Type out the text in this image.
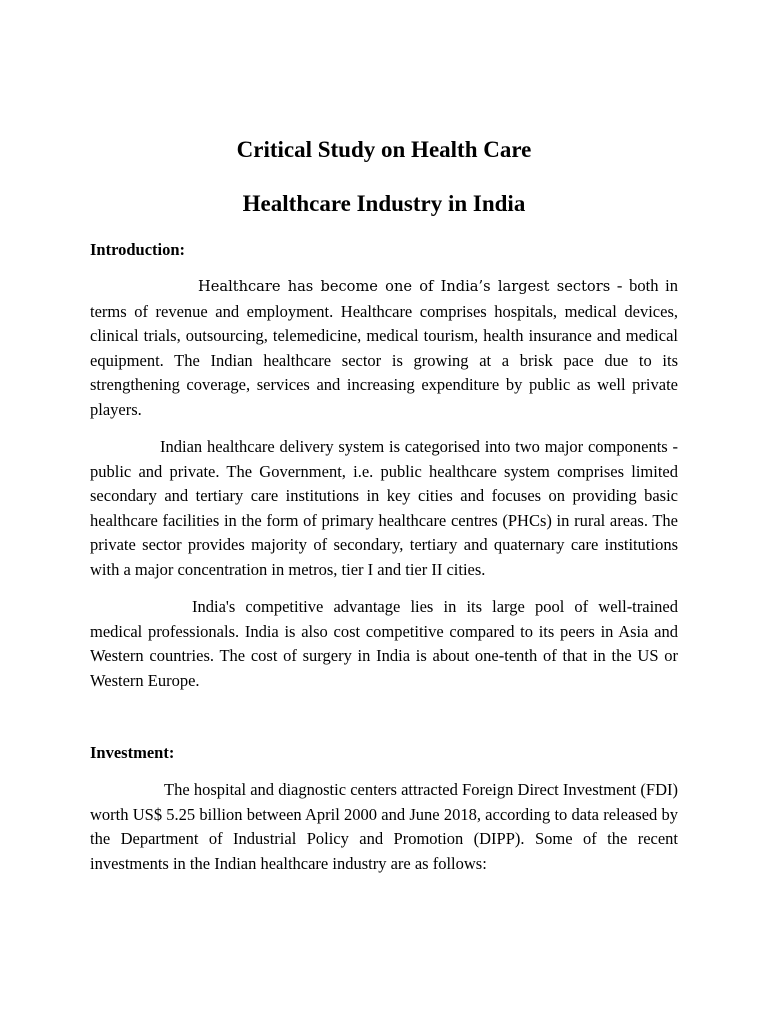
Critical Study on Health Care
Healthcare Industry in India
Introduction:

Healthcare has become one of India’s largest sectors - both in terms of revenue and employment. Healthcare comprises hospitals, medical devices, clinical trials, outsourcing, telemedicine, medical tourism, health insurance and medical equipment. The Indian healthcare sector is growing at a brisk pace due to its strengthening coverage, services and increasing expenditure by public as well private players.

Indian healthcare delivery system is categorised into two major components - public and private. The Government, i.e. public healthcare system comprises limited secondary and tertiary care institutions in key cities and focuses on providing basic healthcare facilities in the form of primary healthcare centres (PHCs) in rural areas. The private sector provides majority of secondary, tertiary and quaternary care institutions with a major concentration in metros, tier I and tier II cities.

India's competitive advantage lies in its large pool of well-trained medical professionals. India is also cost competitive compared to its peers in Asia and Western countries. The cost of surgery in India is about one-tenth of that in the US or Western Europe.

Investment:

The hospital and diagnostic centers attracted Foreign Direct Investment (FDI) worth US$ 5.25 billion between April 2000 and June 2018, according to data released by the Department of Industrial Policy and Promotion (DIPP). Some of the recent investments in the Indian healthcare industry are as follows:
